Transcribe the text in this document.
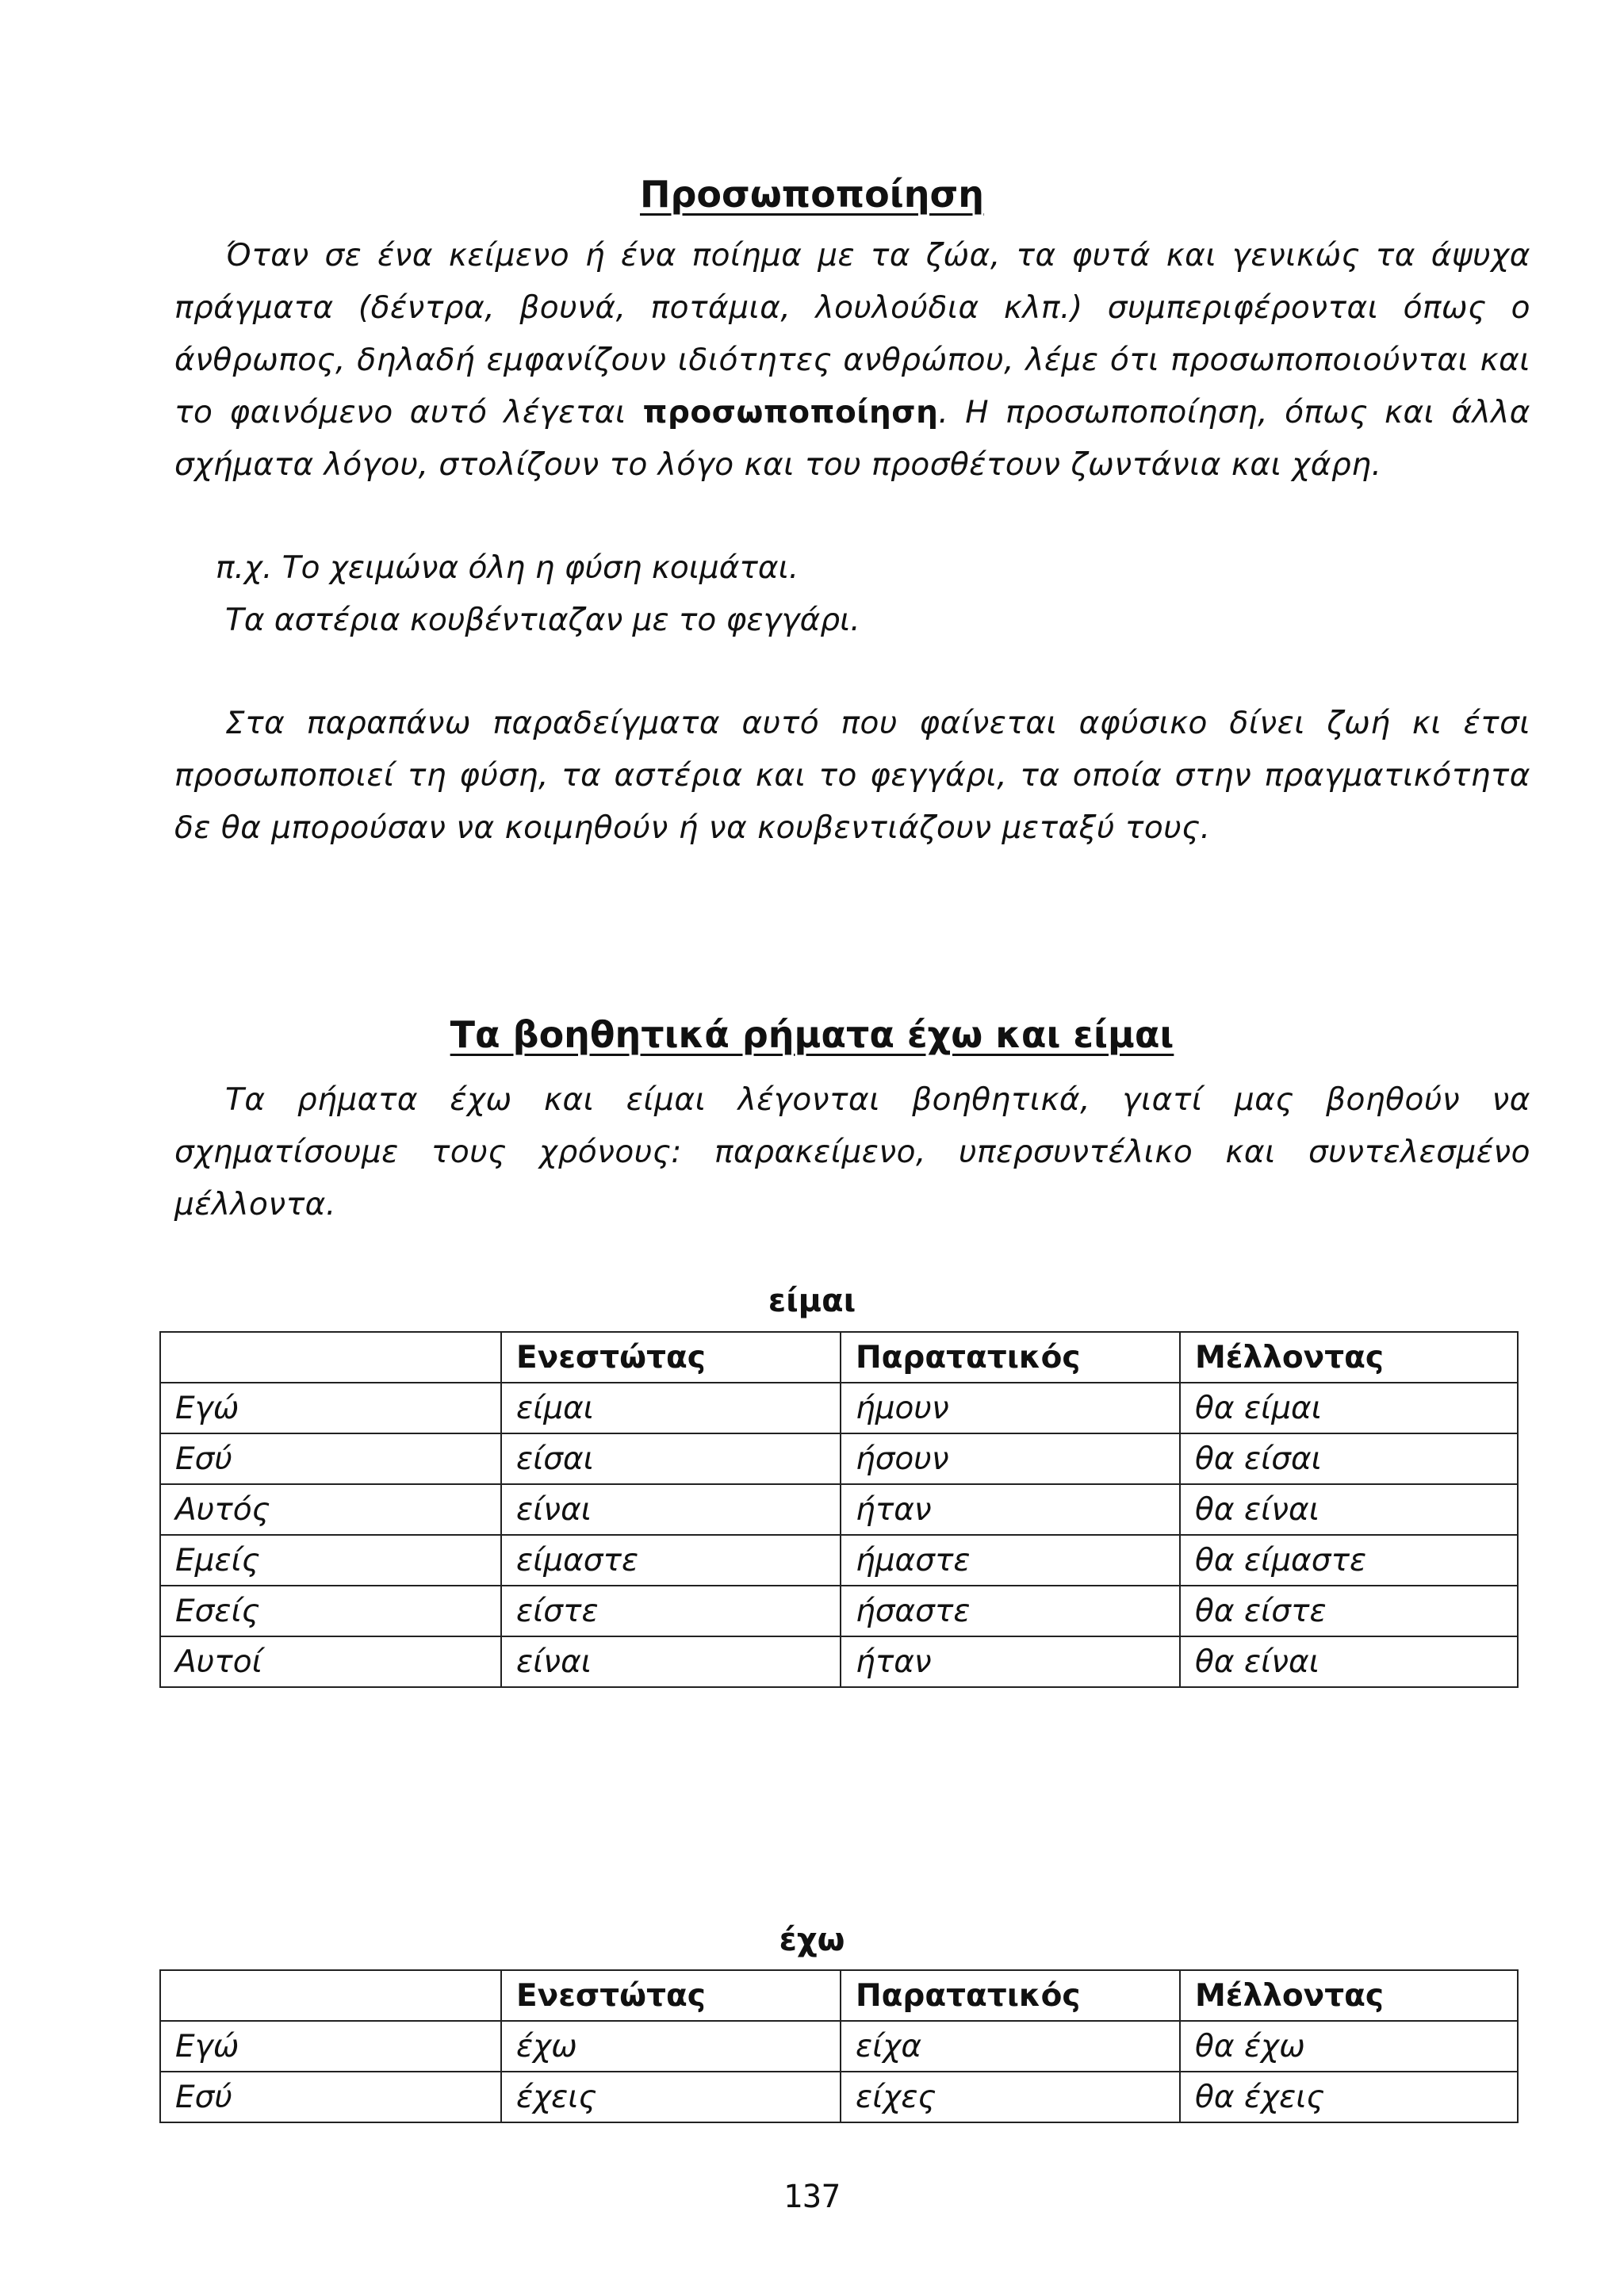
Προσωποποίηση

Όταν σε ένα κείμενο ή ένα ποίημα με τα ζώα, τα φυτά και γενικώς τα άψυχα πράγματα (δέντρα, βουνά, ποτάμια, λουλούδια κλπ.) συμπεριφέρονται όπως ο άνθρωπος, δηλαδή εμφανίζουν ιδιότητες ανθρώπου, λέμε ότι προσωποποιούνται και το φαινόμενο αυτό λέγεται προσωποποίηση. Η προσωποποίηση, όπως και άλλα σχήματα λόγου, στολίζουν το λόγο και του προσθέτουν ζωντάνια και χάρη.

π.χ. Το χειμώνα όλη η φύση κοιμάται.

Τα αστέρια κουβέντιαζαν με το φεγγάρι.

Στα παραπάνω παραδείγματα αυτό που φαίνεται αφύσικο δίνει ζωή κι έτσι προσωποποιεί τη φύση, τα αστέρια και το φεγγάρι, τα οποία στην πραγματικότητα δε θα μπορούσαν να κοιμηθούν ή να κουβεντιάζουν μεταξύ τους.

Τα βοηθητικά ρήματα έχω και είμαι

Τα ρήματα έχω και είμαι λέγονται βοηθητικά, γιατί μας βοηθούν να σχηματίσουμε τους χρόνους: παρακείμενο, υπερσυντέλικο και συντελεσμένο μέλλοντα.

είμαι

	Ενεστώτας	Παρατατικός	Μέλλοντας
Εγώ	είμαι	ήμουν	θα είμαι
Εσύ	είσαι	ήσουν	θα είσαι
Αυτός	είναι	ήταν	θα είναι
Εμείς	είμαστε	ήμαστε	θα είμαστε
Εσείς	είστε	ήσαστε	θα είστε
Αυτοί	είναι	ήταν	θα είναι

έχω

	Ενεστώτας	Παρατατικός	Μέλλοντας
Εγώ	έχω	είχα	θα έχω
Εσύ	έχεις	είχες	θα έχεις

137
